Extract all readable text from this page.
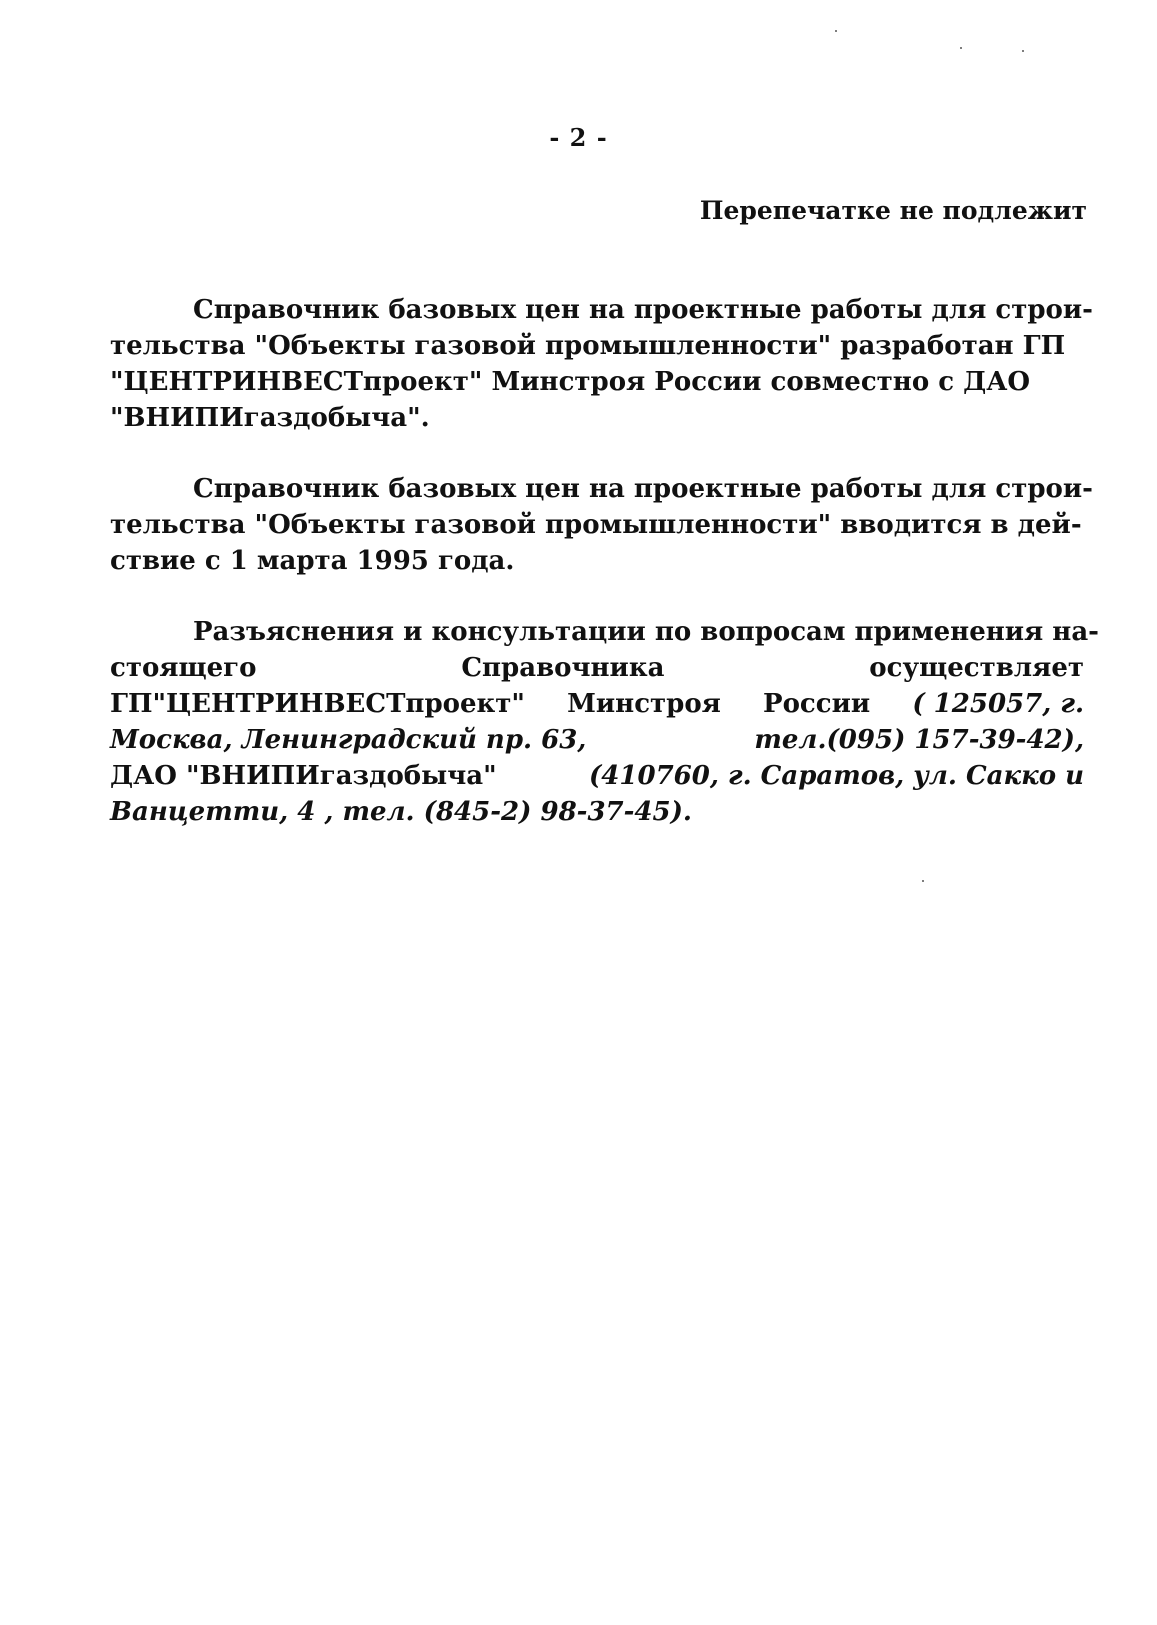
- 2 -
Перепечатке не подлежит
Справочник базовых цен на проектные работы для строи-
тельства "Объекты газовой промышленности" разработан ГП
"ЦЕНТРИНВЕСТпроект" Минстроя России совместно с ДАО
"ВНИПИгаздобыча".
Справочник базовых цен на проектные работы для строи-
тельства "Объекты газовой промышленности" вводится в дей-
ствие с 1 марта 1995 года.
Разъяснения и консультации по вопросам применения на-
стоящего	Справочника	осуществляет
ГП"ЦЕНТРИНВЕСТпроект" Минстроя России ( 125057, г.
Москва, Ленинградский пр. 63,	тел.(095) 157-39-42),
ДАО "ВНИПИгаздобыча"	(410760, г. Саратов, ул. Сакко и
Ванцетти, 4 , тел. (845-2) 98-37-45).
